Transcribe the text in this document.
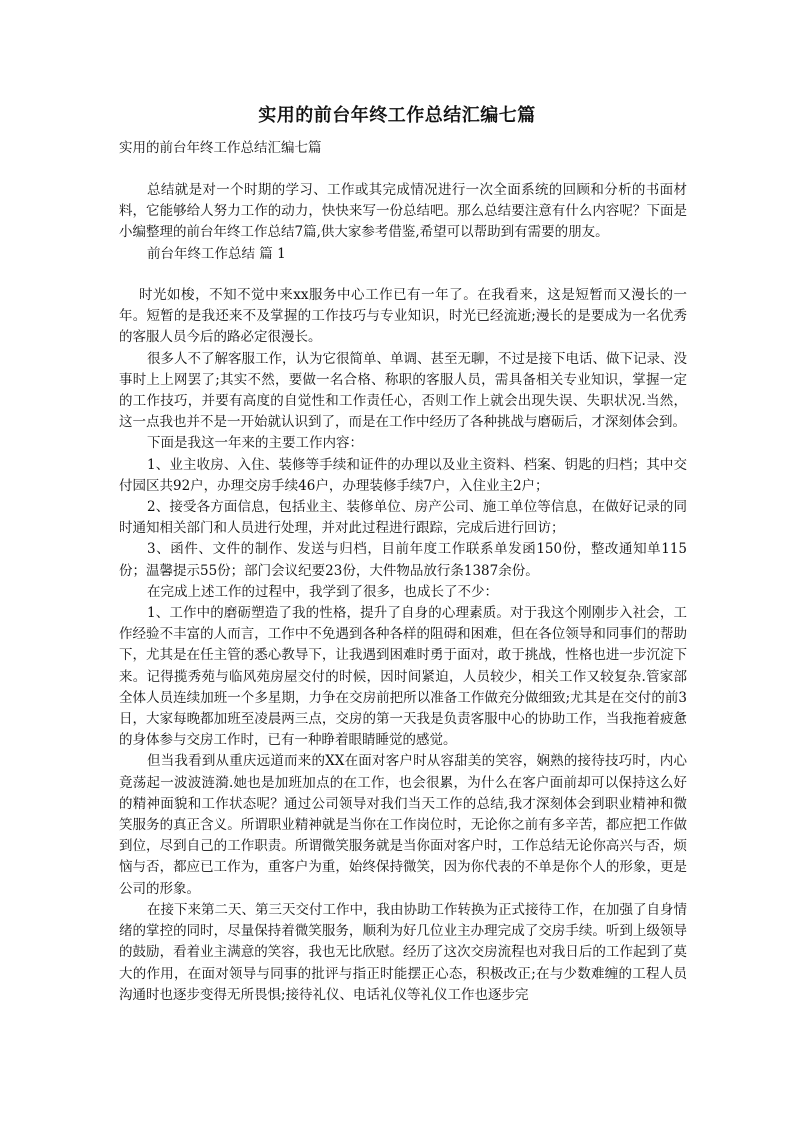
实用的前台年终工作总结汇编七篇
实用的前台年终工作总结汇编七篇

总结就是对一个时期的学习、工作或其完成情况进行一次全面系统的回顾和分析的书面材料，它能够给人努力工作的动力，快快来写一份总结吧。那么总结要注意有什么内容呢？下面是小编整理的前台年终工作总结7篇,供大家参考借鉴,希望可以帮助到有需要的朋友。

前台年终工作总结 篇 1

时光如梭，不知不觉中来xx服务中心工作已有一年了。在我看来，这是短暂而又漫长的一年。短暂的是我还来不及掌握的工作技巧与专业知识，时光已经流逝;漫长的是要成为一名优秀的客服人员今后的路必定很漫长。

很多人不了解客服工作，认为它很简单、单调、甚至无聊，不过是接下电话、做下记录、没事时上上网罢了;其实不然，要做一名合格、称职的客服人员，需具备相关专业知识，掌握一定的工作技巧，并要有高度的自觉性和工作责任心，否则工作上就会出现失误、失职状况.当然，这一点我也并不是一开始就认识到了，而是在工作中经历了各种挑战与磨砺后，才深刻体会到。

下面是我这一年来的主要工作内容：

1、业主收房、入住、装修等手续和证件的办理以及业主资料、档案、钥匙的归档；其中交付园区共92户，办理交房手续46户，办理装修手续7户，入住业主2户；

2、接受各方面信息，包括业主、装修单位、房产公司、施工单位等信息，在做好记录的同时通知相关部门和人员进行处理，并对此过程进行跟踪，完成后进行回访；

3、函件、文件的制作、发送与归档，目前年度工作联系单发函150份，整改通知单115份；温馨提示55份；部门会议纪要23份，大件物品放行条1387余份。

在完成上述工作的过程中，我学到了很多，也成长了不少：

1、工作中的磨砺塑造了我的性格，提升了自身的心理素质。对于我这个刚刚步入社会，工作经验不丰富的人而言，工作中不免遇到各种各样的阻碍和困难，但在各位领导和同事们的帮助下，尤其是在任主管的悉心教导下，让我遇到困难时勇于面对，敢于挑战，性格也进一步沉淀下来。记得揽秀苑与临风苑房屋交付的时候，因时间紧迫，人员较少，相关工作又较复杂.管家部全体人员连续加班一个多星期，力争在交房前把所以准备工作做充分做细致;尤其是在交付的前3日，大家每晚都加班至凌晨两三点，交房的第一天我是负责客服中心的协助工作，当我拖着疲惫的身体参与交房工作时，已有一种睁着眼睛睡觉的感觉。

但当我看到从重庆远道而来的XX在面对客户时从容甜美的笑容，娴熟的接待技巧时，内心竟荡起一波波涟漪.她也是加班加点的在工作，也会很累，为什么在客户面前却可以保持这么好的精神面貌和工作状态呢？通过公司领导对我们当天工作的总结,我才深刻体会到职业精神和微笑服务的真正含义。所谓职业精神就是当你在工作岗位时，无论你之前有多辛苦，都应把工作做到位，尽到自己的工作职责。所谓微笑服务就是当你面对客户时，工作总结无论你高兴与否，烦恼与否，都应已工作为，重客户为重，始终保持微笑，因为你代表的不单是你个人的形象，更是公司的形象。

在接下来第二天、第三天交付工作中，我由协助工作转换为正式接待工作，在加强了自身情绪的掌控的同时，尽量保持着微笑服务，顺利为好几位业主办理完成了交房手续。听到上级领导的鼓励，看着业主满意的笑容，我也无比欣慰。经历了这次交房流程也对我日后的工作起到了莫大的作用，在面对领导与同事的批评与指正时能摆正心态，积极改正;在与少数难缠的工程人员沟通时也逐步变得无所畏惧;接待礼仪、电话礼仪等礼仪工作也逐步完
